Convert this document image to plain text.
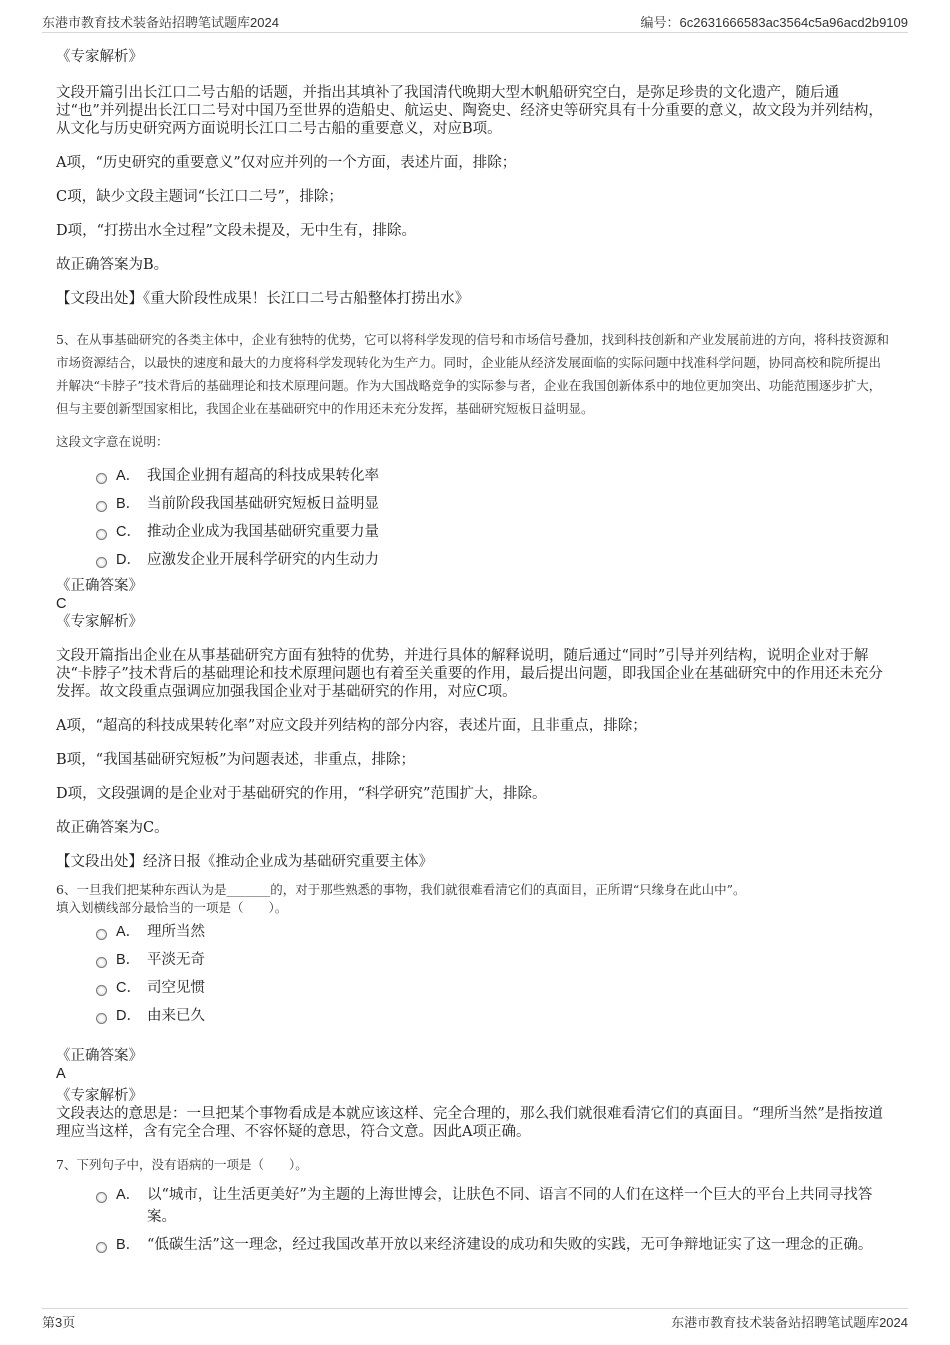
东港市教育技术装备站招聘笔试题库2024	编号：6c2631666583ac3564c5a96acd2b9109

《专家解析》

文段开篇引出长江口二号古船的话题，并指出其填补了我国清代晚期大型木帆船研究空白，是弥足珍贵的文化遗产，随后通过“也”并列提出长江口二号对中国乃至世界的造船史、航运史、陶瓷史、经济史等研究具有十分重要的意义，故文段为并列结构，从文化与历史研究两方面说明长江口二号古船的重要意义，对应B项。

A项，“历史研究的重要意义”仅对应并列的一个方面，表述片面，排除；

C项，缺少文段主题词“长江口二号”，排除；

D项，“打捞出水全过程”文段未提及，无中生有，排除。

故正确答案为B。

【文段出处】《重大阶段性成果！长江口二号古船整体打捞出水》

5、在从事基础研究的各类主体中，企业有独特的优势，它可以将科学发现的信号和市场信号叠加，找到科技创新和产业发展前进的方向，将科技资源和市场资源结合，以最快的速度和最大的力度将科学发现转化为生产力。同时，企业能从经济发展面临的实际问题中找准科学问题，协同高校和院所提出并解决“卡脖子”技术背后的基础理论和技术原理问题。作为大国战略竞争的实际参与者，企业在我国创新体系中的地位更加突出、功能范围逐步扩大，但与主要创新型国家相比，我国企业在基础研究中的作用还未充分发挥，基础研究短板日益明显。

这段文字意在说明：

A． 我国企业拥有超高的科技成果转化率
B． 当前阶段我国基础研究短板日益明显
C． 推动企业成为我国基础研究重要力量
D． 应激发企业开展科学研究的内生动力

《正确答案》

C

《专家解析》

文段开篇指出企业在从事基础研究方面有独特的优势，并进行具体的解释说明，随后通过“同时”引导并列结构，说明企业对于解决“卡脖子”技术背后的基础理论和技术原理问题也有着至关重要的作用，最后提出问题，即我国企业在基础研究中的作用还未充分发挥。故文段重点强调应加强我国企业对于基础研究的作用，对应C项。

A项，“超高的科技成果转化率”对应文段并列结构的部分内容，表述片面，且非重点，排除；

B项，“我国基础研究短板”为问题表述，非重点，排除；

D项，文段强调的是企业对于基础研究的作用，“科学研究”范围扩大，排除。

故正确答案为C。

【文段出处】经济日报《推动企业成为基础研究重要主体》

6、一旦我们把某种东西认为是_______的，对于那些熟悉的事物，我们就很难看清它们的真面目，正所谓“只缘身在此山中”。

填入划横线部分最恰当的一项是（　　）。

A． 理所当然
B． 平淡无奇
C． 司空见惯
D． 由来已久

《正确答案》

A

《专家解析》

文段表达的意思是：一旦把某个事物看成是本就应该这样、完全合理的，那么我们就很难看清它们的真面目。“理所当然”是指按道理应当这样，含有完全合理、不容怀疑的意思，符合文意。因此A项正确。

7、下列句子中，没有语病的一项是（　　）。

A． 以“城市，让生活更美好”为主题的上海世博会，让肤色不同、语言不同的人们在这样一个巨大的平台上共同寻找答案。
B． “低碳生活”这一理念，经过我国改革开放以来经济建设的成功和失败的实践，无可争辩地证实了这一理念的正确。
第3页	东港市教育技术装备站招聘笔试题库2024
